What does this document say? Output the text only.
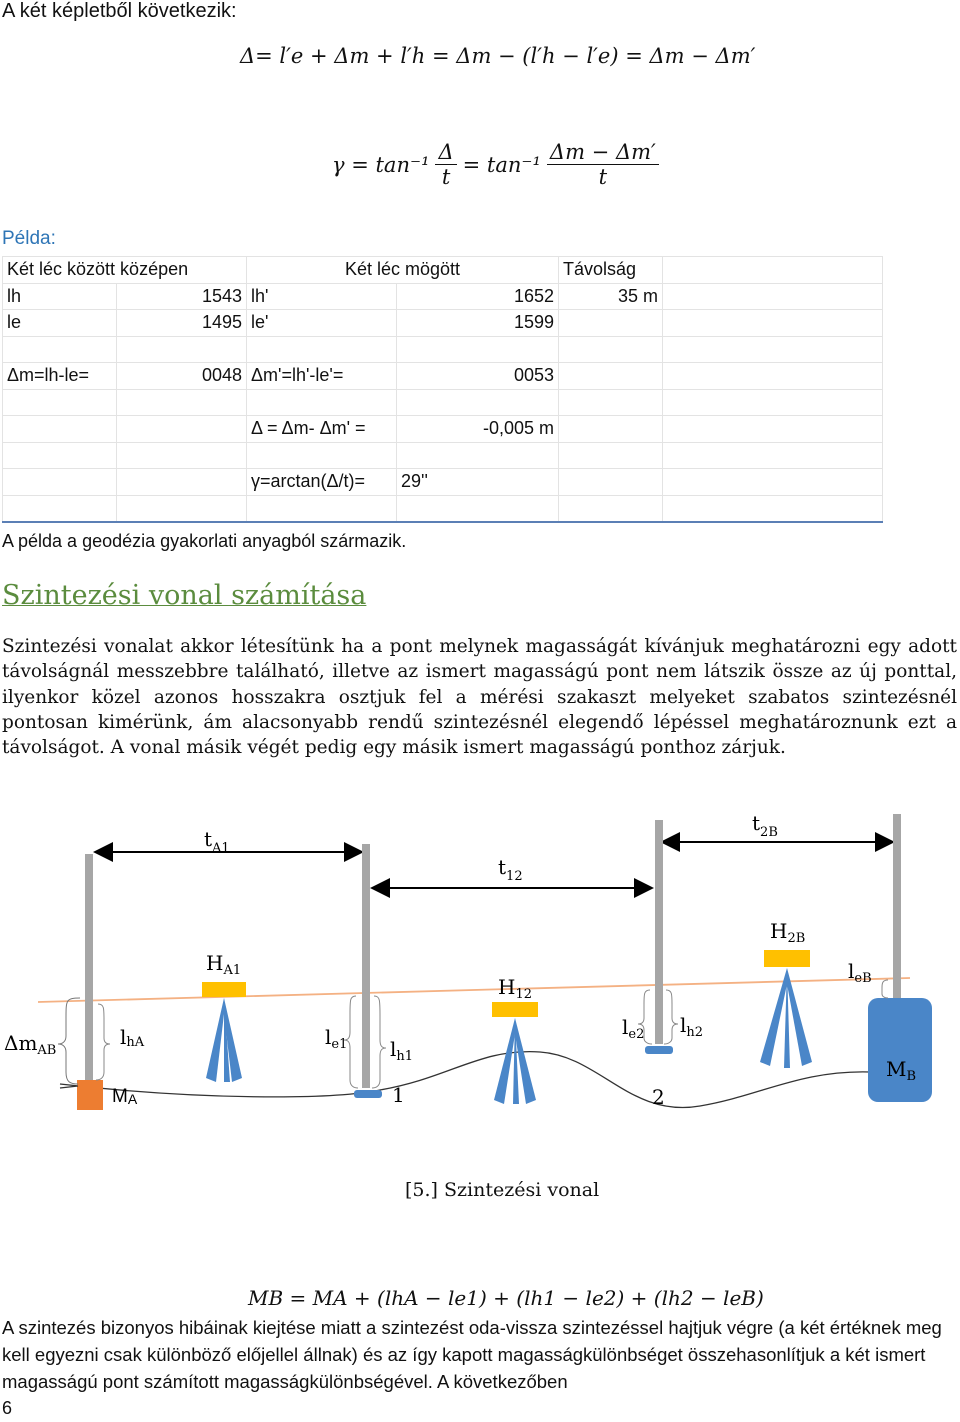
A két képletből következik:
Δ= l′e + Δm + l′h = Δm − (l′h − l′e) = Δm − Δm′
$\gamma = \tan^{-1} \frac{\Delta}{t} = \tan^{-1} \frac{\Delta m - \Delta m'}{t}$
Példa:
Két léc között középen		Két léc mögött		Távolság	
lh	1543	lh'	1652	35 m	
le	1495	le'	1599		

Δm=lh-le=	0048	Δm'=lh'-le'=	0053		

		Δ = Δm- Δm' =	-0,005 m		

		γ=arctan(Δ/t)=	29''		

A példa a geodézia gyakorlati anyagból származik.
Szintezési vonal számítása
Szintezési vonalat akkor létesítünk ha a pont melynek magasságát kívánjuk meghatározni egy adott távolságnál messzebbre található, illetve az ismert magasságú pont nem látszik össze az új ponttal, ilyenkor közel azonos hosszakra osztjuk fel a mérési szakaszt melyeket szabatos szintezésnél pontosan kimérünk, ám alacsonyabb rendű szintezésnél elegendő lépéssel meghatároznunk ezt a távolságot. A vonal másik végét pedig egy másik ismert magasságú ponthoz zárjuk.
$t_{A1}$
$t_{12}$
$t_{2B}$
$H_{A1}$
$H_{12}$
$H_{2B}$
$l_{eB}$
$\Delta m_{AB}$
lhA	$l_{e1}$ $l_{h1}$
$l_{e2}$ $l_{h2}$
MA
$M_B$
1	2
[5.] Szintezési vonal
MB = MA + (lhA − le1) + (lh1 − le2) + (lh2 − leB)
A szintezés bizonyos hibáinak kiejtése miatt a szintezést oda-vissza szintezéssel hajtjuk végre (a két értéknek meg kell egyezni csak különböző előjellel állnak) és az így kapott magasságkülönbséget összehasonlítjuk a két ismert magasságú pont számított magasságkülönbségével. A következőben
6
